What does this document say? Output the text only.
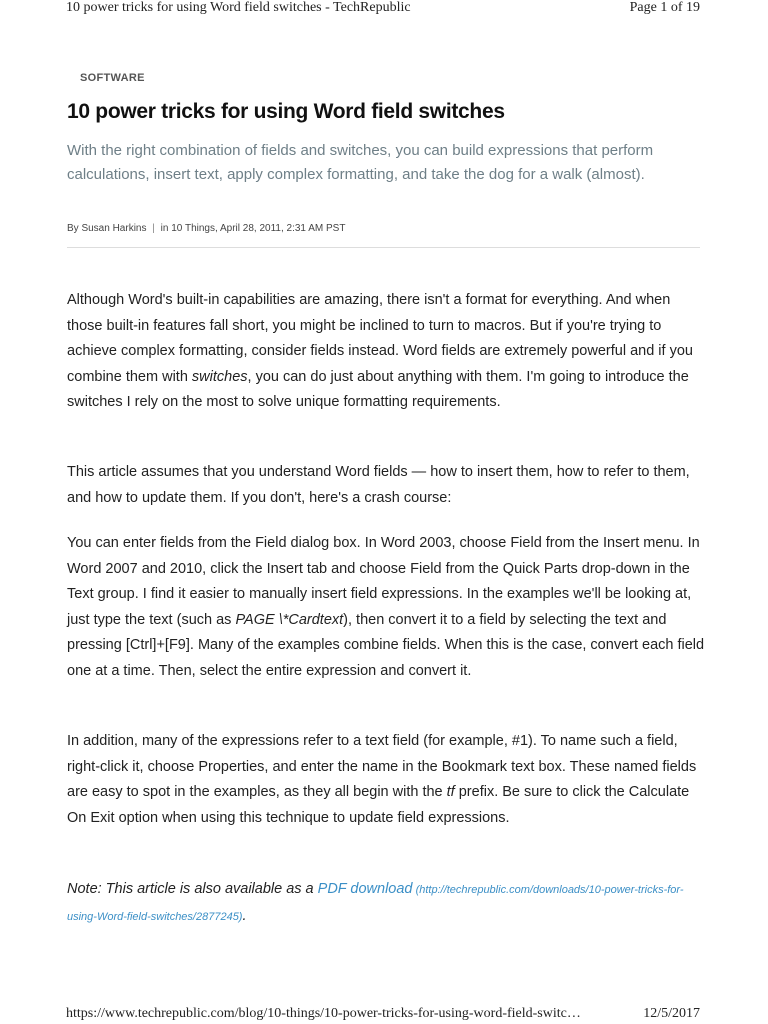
10 power tricks for using Word field switches - TechRepublic	Page 1 of 19
SOFTWARE
10 power tricks for using Word field switches

With the right combination of fields and switches, you can build expressions that perform calculations, insert text, apply complex formatting, and take the dog for a walk (almost).

By Susan Harkins | in 10 Things, April 28, 2011, 2:31 AM PST

Although Word's built-in capabilities are amazing, there isn't a format for everything. And when those built-in features fall short, you might be inclined to turn to macros. But if you're trying to achieve complex formatting, consider fields instead. Word fields are extremely powerful and if you combine them with switches, you can do just about anything with them. I'm going to introduce the switches I rely on the most to solve unique formatting requirements.

This article assumes that you understand Word fields — how to insert them, how to refer to them, and how to update them. If you don't, here's a crash course:

You can enter fields from the Field dialog box. In Word 2003, choose Field from the Insert menu. In Word 2007 and 2010, click the Insert tab and choose Field from the Quick Parts drop-down in the Text group. I find it easier to manually insert field expressions. In the examples we'll be looking at, just type the text (such as PAGE \*Cardtext), then convert it to a field by selecting the text and pressing [Ctrl]+[F9]. Many of the examples combine fields. When this is the case, convert each field one at a time. Then, select the entire expression and convert it.

In addition, many of the expressions refer to a text field (for example, #1). To name such a field, right-click it, choose Properties, and enter the name in the Bookmark text box. These named fields are easy to spot in the examples, as they all begin with the tf prefix. Be sure to click the Calculate On Exit option when using this technique to update field expressions.

Note: This article is also available as a PDF download (http://techrepublic.com/downloads/10-power-tricks-for-using-Word-field-switches/2877245).

https://www.techrepublic.com/blog/10-things/10-power-tricks-for-using-word-field-switc…	12/5/2017
